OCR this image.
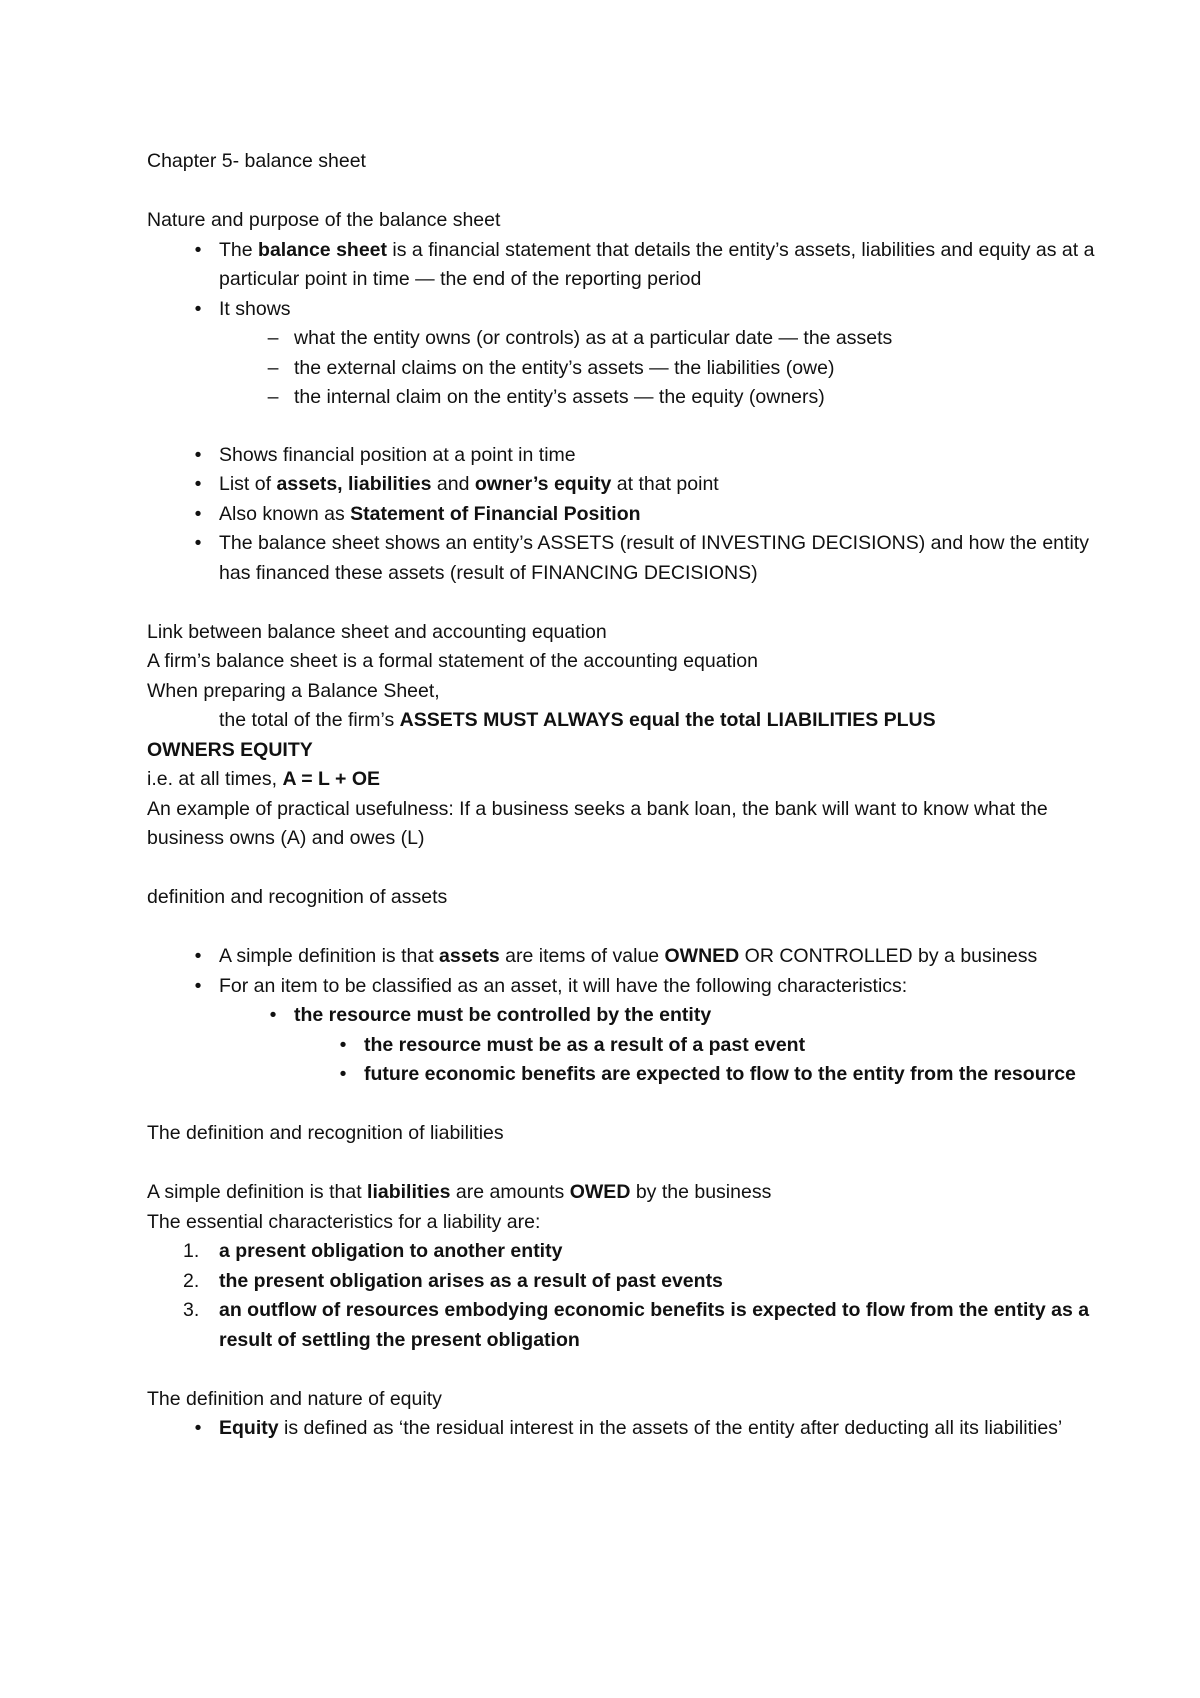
Chapter 5- balance sheet

Nature and purpose of the balance sheet

• The balance sheet is a financial statement that details the entity’s assets, liabilities and equity as at a particular point in time — the end of the reporting period
• It shows
– what the entity owns (or controls) as at a particular date — the assets
– the external claims on the entity’s assets — the liabilities (owe)
– the internal claim on the entity’s assets — the equity (owners)
• Shows financial position at a point in time
• List of assets, liabilities and owner’s equity at that point
• Also known as Statement of Financial Position
• The balance sheet shows an entity’s ASSETS (result of INVESTING DECISIONS) and how the entity has financed these assets (result of FINANCING DECISIONS)

Link between balance sheet and accounting equation

A firm’s balance sheet is a formal statement of the accounting equation

When preparing a Balance Sheet,

the total of the firm’s ASSETS MUST ALWAYS equal the total LIABILITIES PLUS

OWNERS EQUITY

i.e. at all times, A = L + OE

An example of practical usefulness: If a business seeks a bank loan, the bank will want to know what the business owns (A) and owes (L)

definition and recognition of assets

• A simple definition is that assets are items of value OWNED OR CONTROLLED by a business
• For an item to be classified as an asset, it will have the following characteristics:
• the resource must be controlled by the entity
• the resource must be as a result of a past event
• future economic benefits are expected to flow to the entity from the resource

The definition and recognition of liabilities

A simple definition is that liabilities are amounts OWED by the business

The essential characteristics for a liability are:

1.	a present obligation to another entity
2.	the present obligation arises as a result of past events
3.	an outflow of resources embodying economic benefits is expected to flow from the entity as a result of settling the present obligation

The definition and nature of equity

• Equity is defined as ‘the residual interest in the assets of the entity after deducting all its liabilities’
